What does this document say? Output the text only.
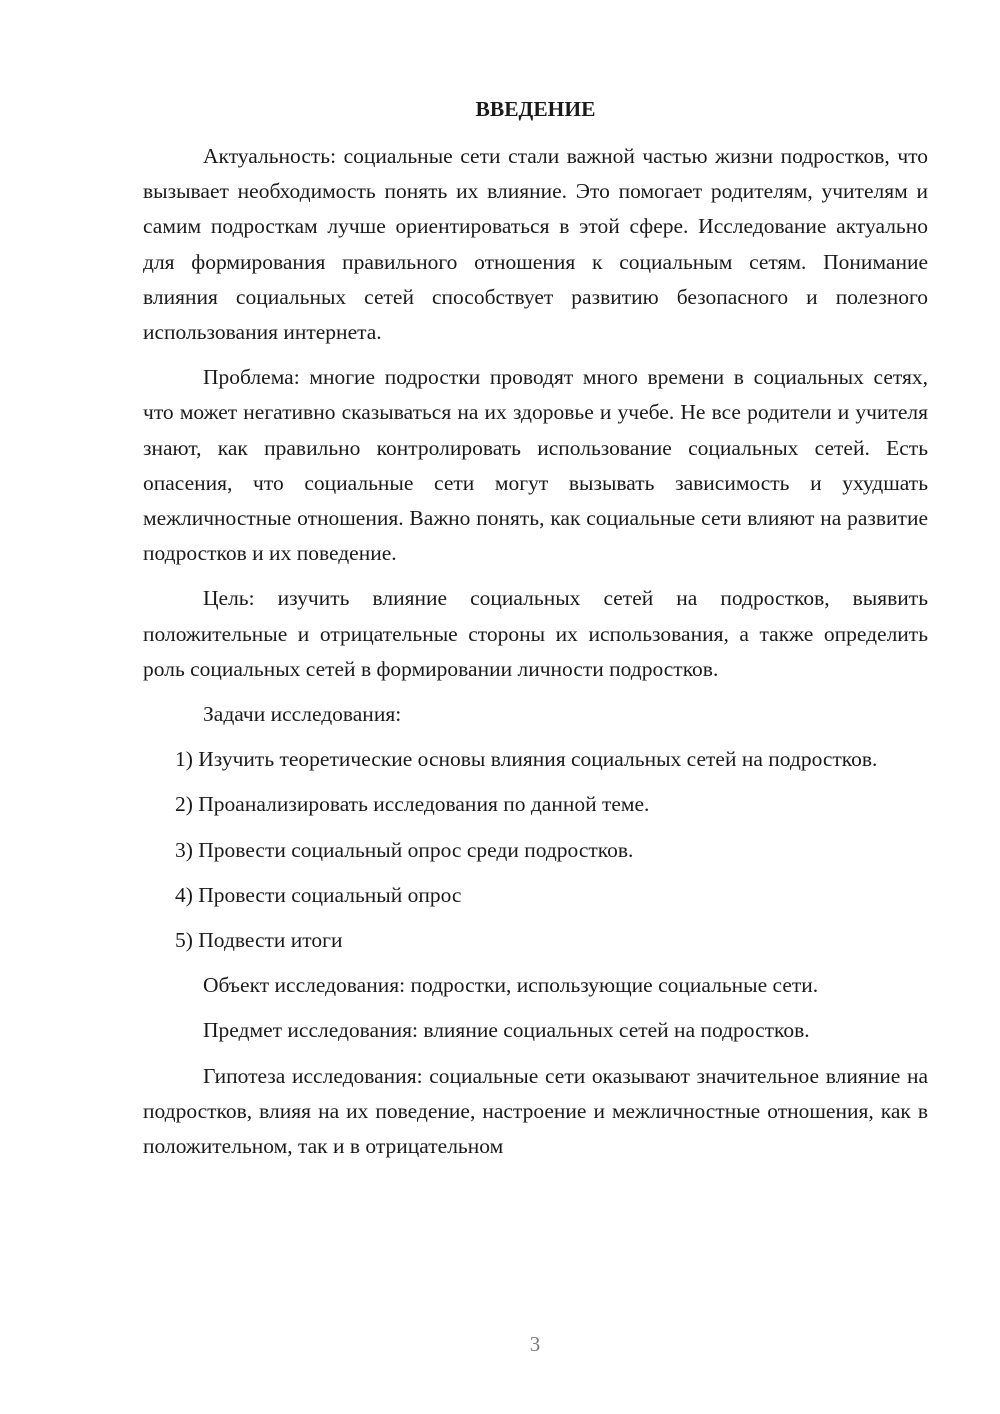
ВВЕДЕНИЕ

Актуальность: социальные сети стали важной частью жизни подростков, что вызывает необходимость понять их влияние. Это помогает родителям, учителям и самим подросткам лучше ориентироваться в этой сфере. Исследование актуально для формирования правильного отношения к социальным сетям. Понимание влияния социальных сетей способствует развитию безопасного и полезного использования интернета.

Проблема: многие подростки проводят много времени в социальных сетях, что может негативно сказываться на их здоровье и учебе. Не все родители и учителя знают, как правильно контролировать использование социальных сетей. Есть опасения, что социальные сети могут вызывать зависимость и ухудшать межличностные отношения. Важно понять, как социальные сети влияют на развитие подростков и их поведение.

Цель: изучить влияние социальных сетей на подростков, выявить положительные и отрицательные стороны их использования, а также определить роль социальных сетей в формировании личности подростков.

Задачи исследования:

1) Изучить теоретические основы влияния социальных сетей на подростков.

2) Проанализировать исследования по данной теме.

3) Провести социальный опрос среди подростков.

4) Провести социальный опрос

5) Подвести итоги

Объект исследования: подростки, использующие социальные сети.

Предмет исследования: влияние социальных сетей на подростков.

Гипотеза исследования: социальные сети оказывают значительное влияние на подростков, влияя на их поведение, настроение и межличностные отношения, как в положительном, так и в отрицательном

3
